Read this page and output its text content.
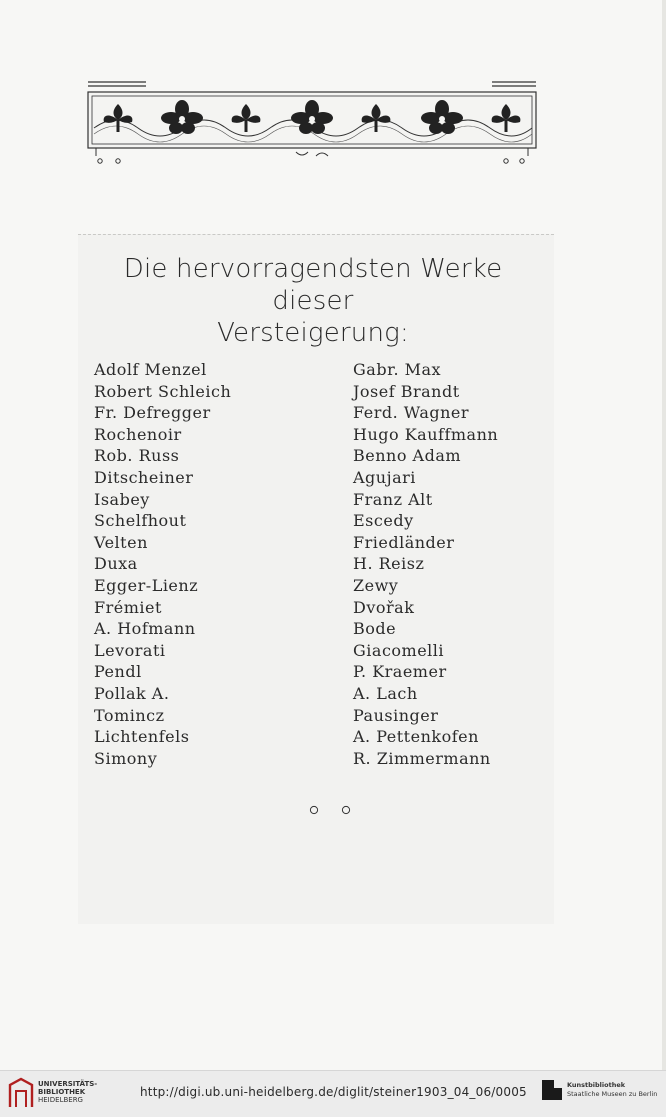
Die hervorragendsten Werke dieser
Versteigerung:
Adolf Menzel
Robert Schleich
Fr. Defregger
Rochenoir
Rob. Russ
Ditscheiner
Isabey
Schelfhout
Velten
Duxa
Egger-Lienz
Frémiet
A. Hofmann
Levorati
Pendl
Pollak A.
Tomincz
Lichtenfels
Simony
Gabr. Max
Josef Brandt
Ferd. Wagner
Hugo Kauffmann
Benno Adam
Agujari
Franz Alt
Escedy
Friedländer
H. Reisz
Zewy
Dvořak
Bode
Giacomelli
P. Kraemer
A. Lach
Pausinger
A. Pettenkofen
R. Zimmermann
UNIVERSITÄTS-
BIBLIOTHEK
HEIDELBERG
http://digi.ub.uni-heidelberg.de/diglit/steiner1903_04_06/0005	Kunstbibliothek
Staatliche Museen zu Berlin
